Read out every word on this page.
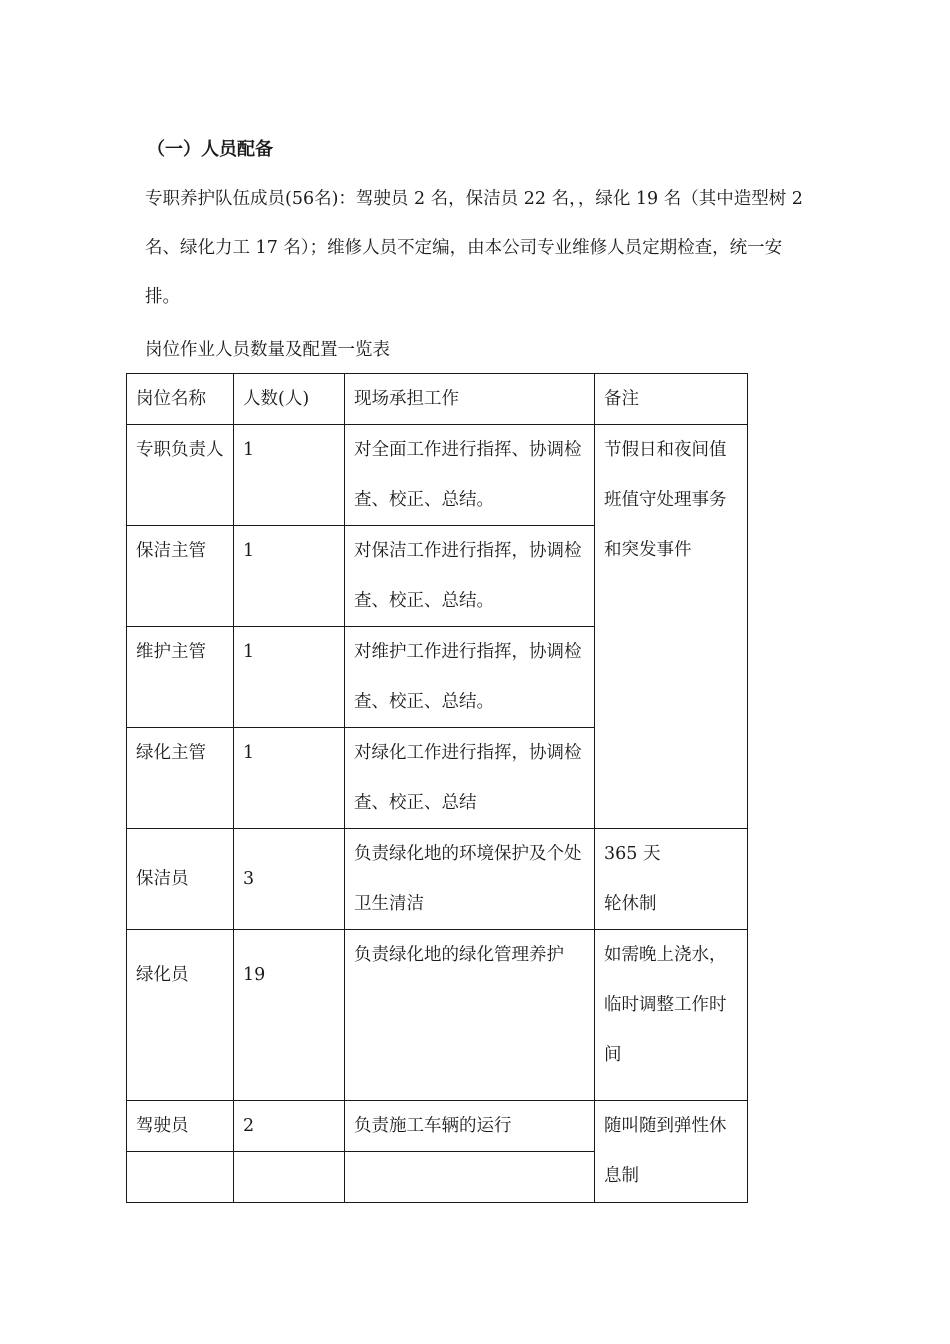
（一）人员配备

专职养护队伍成员(56名)：驾驶员 2 名，保洁员 22 名，，绿化 19 名（其中造型树 2 名、绿化力工 17 名）；维修人员不定编，由本公司专业维修人员定期检查，统一安排。

岗位作业人员数量及配置一览表
岗位名称	人数(人)	现场承担工作	备注
专职负责人	1	对全面工作进行指挥、协调检查、校正、总结。	节假日和夜间值班值守处理事务和突发事件
保洁主管	1	对保洁工作进行指挥，协调检查、校正、总结。	
维护主管	1	对维护工作进行指挥，协调检查、校正、总结。	
绿化主管	1	对绿化工作进行指挥，协调检查、校正、总结	
保洁员	3	负责绿化地的环境保护及个处卫生清洁	365 天
轮休制

绿化员	19	负责绿化地的绿化管理养护	如需晚上浇水，临时调整工作时间
驾驶员	2	负责施工车辆的运行	随叫随到弹性休息制
